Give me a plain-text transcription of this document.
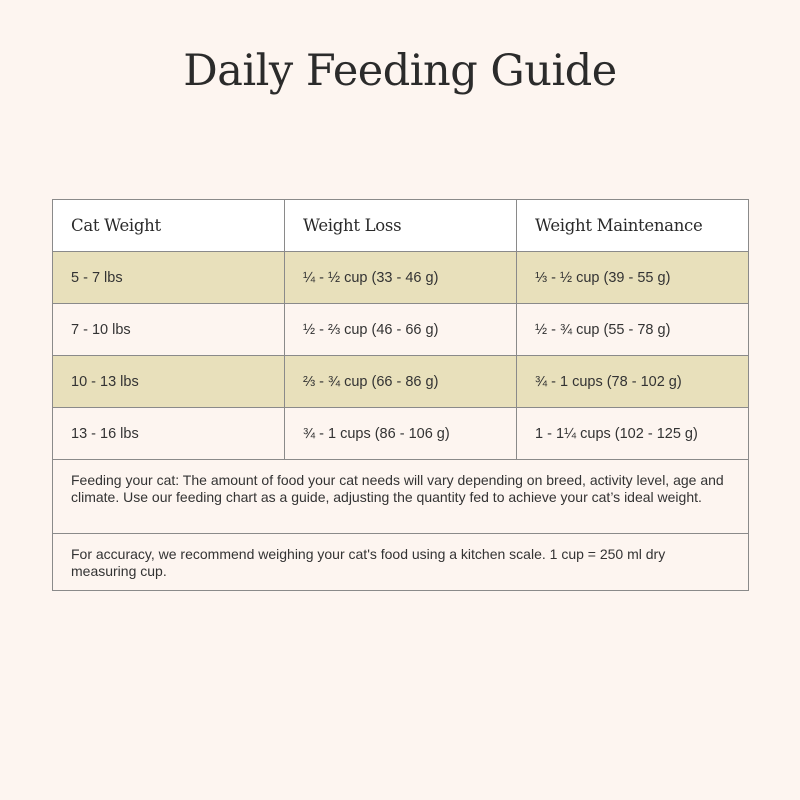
Daily Feeding Guide
Cat Weight	Weight Loss	Weight Maintenance
5 - 7 lbs	¼ - ½ cup (33 - 46 g)	⅓ - ½ cup (39 - 55 g)
7 - 10 lbs	½ - ⅔ cup (46 - 66 g)	½ - ¾ cup (55 - 78 g)
10 - 13 lbs	⅔ - ¾ cup (66 - 86 g)	¾ - 1 cups (78 - 102 g)
13 - 16 lbs	¾ - 1 cups (86 - 106 g)	1 - 1¼ cups (102 - 125 g)
Feeding your cat: The amount of food your cat needs will vary depending on breed, activity level, age and climate. Use our feeding chart as a guide, adjusting the quantity fed to achieve your cat’s ideal weight.
For accuracy, we recommend weighing your cat's food using a kitchen scale. 1 cup = 250 ml dry measuring cup.
